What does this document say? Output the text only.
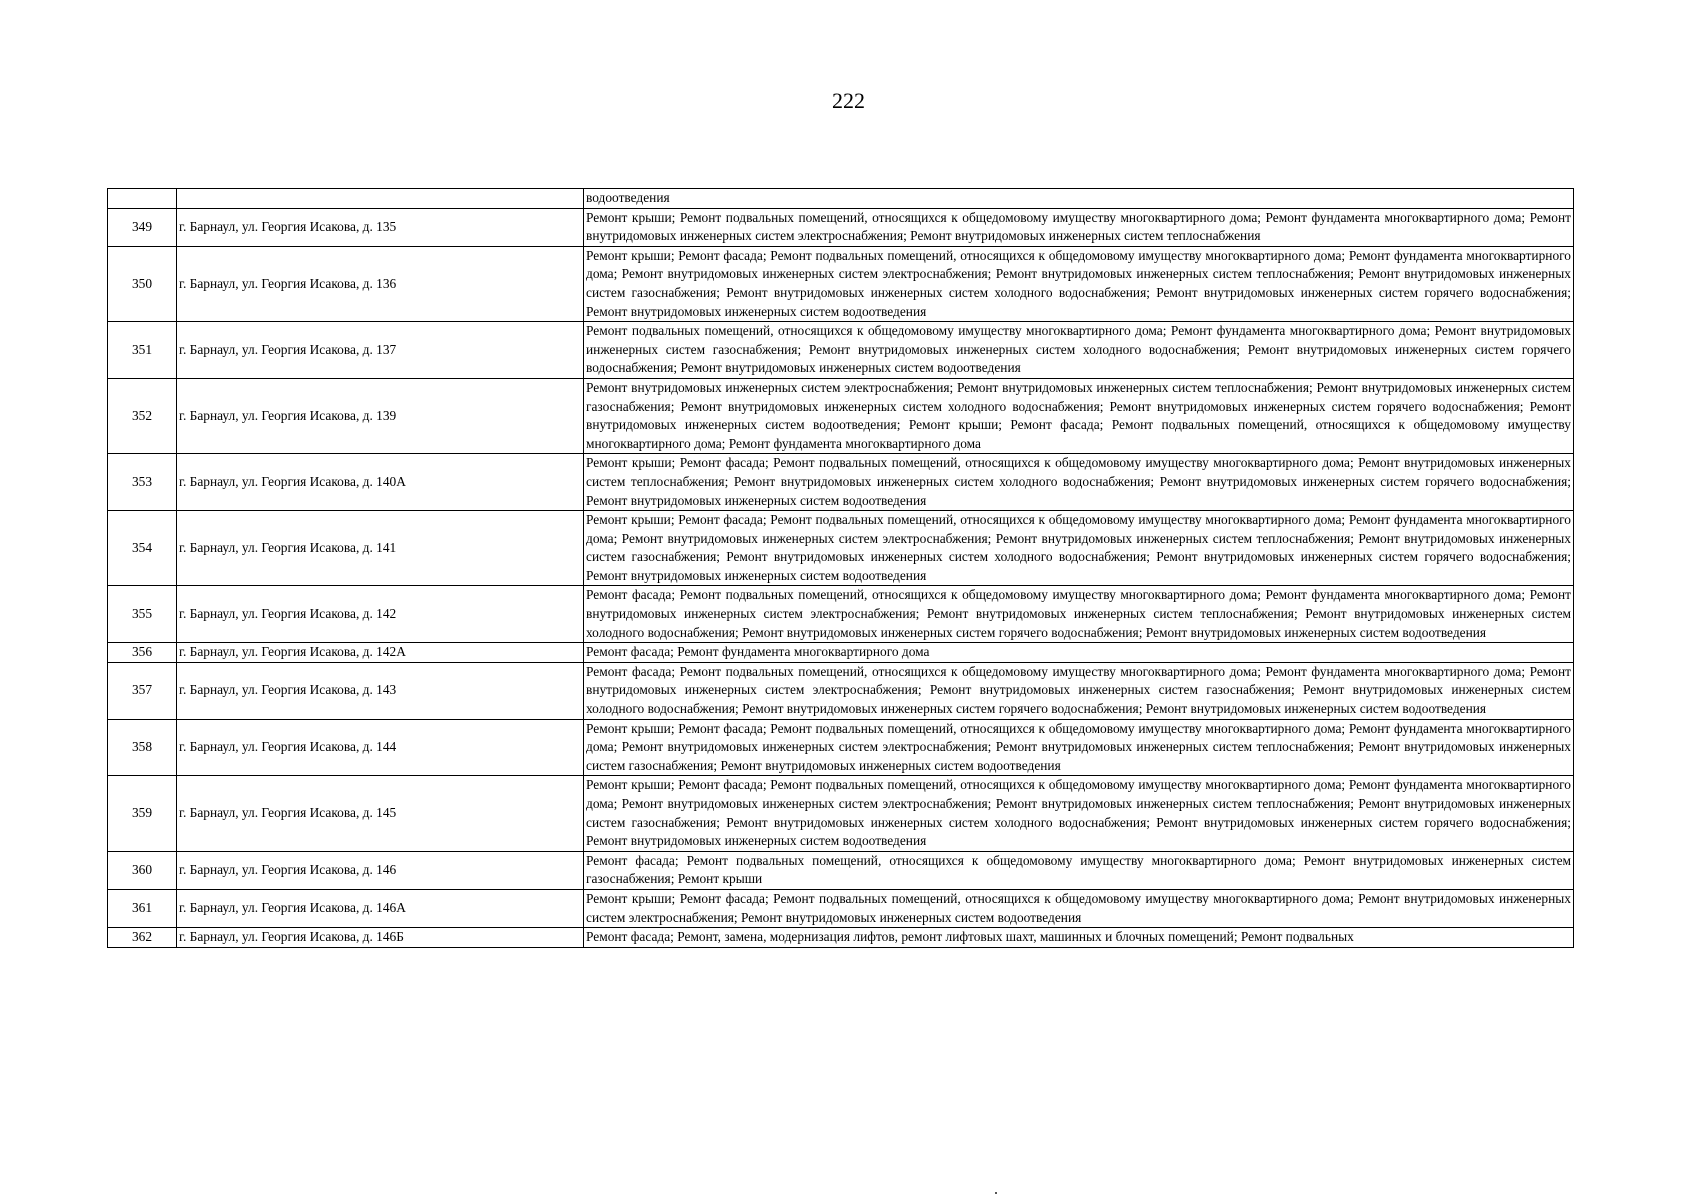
222
		водоотведения
349	г. Барнаул, ул. Георгия Исакова, д. 135	Ремонт крыши; Ремонт подвальных помещений, относящихся к общедомовому имуществу многоквартирного дома; Ремонт фундамента многоквартирного дома; Ремонт внутридомовых инженерных систем электроснабжения; Ремонт внутридомовых инженерных систем теплоснабжения
350	г. Барнаул, ул. Георгия Исакова, д. 136	Ремонт крыши; Ремонт фасада; Ремонт подвальных помещений, относящихся к общедомовому имуществу многоквартирного дома; Ремонт фундамента многоквартирного дома; Ремонт внутридомовых инженерных систем электроснабжения; Ремонт внутридомовых инженерных систем теплоснабжения; Ремонт внутридомовых инженерных систем газоснабжения; Ремонт внутридомовых инженерных систем холодного водоснабжения; Ремонт внутридомовых инженерных систем горячего водоснабжения; Ремонт внутридомовых инженерных систем водоотведения
351	г. Барнаул, ул. Георгия Исакова, д. 137	Ремонт подвальных помещений, относящихся к общедомовому имуществу многоквартирного дома; Ремонт фундамента многоквартирного дома; Ремонт внутридомовых инженерных систем газоснабжения; Ремонт внутридомовых инженерных систем холодного водоснабжения; Ремонт внутридомовых инженерных систем горячего водоснабжения; Ремонт внутридомовых инженерных систем водоотведения
352	г. Барнаул, ул. Георгия Исакова, д. 139	Ремонт внутридомовых инженерных систем электроснабжения; Ремонт внутридомовых инженерных систем теплоснабжения; Ремонт внутридомовых инженерных систем газоснабжения; Ремонт внутридомовых инженерных систем холодного водоснабжения; Ремонт внутридомовых инженерных систем горячего водоснабжения; Ремонт внутридомовых инженерных систем водоотведения; Ремонт крыши; Ремонт фасада; Ремонт подвальных помещений, относящихся к общедомовому имуществу многоквартирного дома; Ремонт фундамента многоквартирного дома
353	г. Барнаул, ул. Георгия Исакова, д. 140А	Ремонт крыши; Ремонт фасада; Ремонт подвальных помещений, относящихся к общедомовому имуществу многоквартирного дома; Ремонт внутридомовых инженерных систем теплоснабжения; Ремонт внутридомовых инженерных систем холодного водоснабжения; Ремонт внутридомовых инженерных систем горячего водоснабжения; Ремонт внутридомовых инженерных систем водоотведения
354	г. Барнаул, ул. Георгия Исакова, д. 141	Ремонт крыши; Ремонт фасада; Ремонт подвальных помещений, относящихся к общедомовому имуществу многоквартирного дома; Ремонт фундамента многоквартирного дома; Ремонт внутридомовых инженерных систем электроснабжения; Ремонт внутридомовых инженерных систем теплоснабжения; Ремонт внутридомовых инженерных систем газоснабжения; Ремонт внутридомовых инженерных систем холодного водоснабжения; Ремонт внутридомовых инженерных систем горячего водоснабжения; Ремонт внутридомовых инженерных систем водоотведения
355	г. Барнаул, ул. Георгия Исакова, д. 142	Ремонт фасада; Ремонт подвальных помещений, относящихся к общедомовому имуществу многоквартирного дома; Ремонт фундамента многоквартирного дома; Ремонт внутридомовых инженерных систем электроснабжения; Ремонт внутридомовых инженерных систем теплоснабжения; Ремонт внутридомовых инженерных систем холодного водоснабжения; Ремонт внутридомовых инженерных систем горячего водоснабжения; Ремонт внутридомовых инженерных систем водоотведения
356	г. Барнаул, ул. Георгия Исакова, д. 142А	Ремонт фасада; Ремонт фундамента многоквартирного дома
357	г. Барнаул, ул. Георгия Исакова, д. 143	Ремонт фасада; Ремонт подвальных помещений, относящихся к общедомовому имуществу многоквартирного дома; Ремонт фундамента многоквартирного дома; Ремонт внутридомовых инженерных систем электроснабжения; Ремонт внутридомовых инженерных систем газоснабжения; Ремонт внутридомовых инженерных систем холодного водоснабжения; Ремонт внутридомовых инженерных систем горячего водоснабжения; Ремонт внутридомовых инженерных систем водоотведения
358	г. Барнаул, ул. Георгия Исакова, д. 144	Ремонт крыши; Ремонт фасада; Ремонт подвальных помещений, относящихся к общедомовому имуществу многоквартирного дома; Ремонт фундамента многоквартирного дома; Ремонт внутридомовых инженерных систем электроснабжения; Ремонт внутридомовых инженерных систем теплоснабжения; Ремонт внутридомовых инженерных систем газоснабжения; Ремонт внутридомовых инженерных систем водоотведения
359	г. Барнаул, ул. Георгия Исакова, д. 145	Ремонт крыши; Ремонт фасада; Ремонт подвальных помещений, относящихся к общедомовому имуществу многоквартирного дома; Ремонт фундамента многоквартирного дома; Ремонт внутридомовых инженерных систем электроснабжения; Ремонт внутридомовых инженерных систем теплоснабжения; Ремонт внутридомовых инженерных систем газоснабжения; Ремонт внутридомовых инженерных систем холодного водоснабжения; Ремонт внутридомовых инженерных систем горячего водоснабжения; Ремонт внутридомовых инженерных систем водоотведения
360	г. Барнаул, ул. Георгия Исакова, д. 146	Ремонт фасада; Ремонт подвальных помещений, относящихся к общедомовому имуществу многоквартирного дома; Ремонт внутридомовых инженерных систем газоснабжения; Ремонт крыши
361	г. Барнаул, ул. Георгия Исакова, д. 146А	Ремонт крыши; Ремонт фасада; Ремонт подвальных помещений, относящихся к общедомовому имуществу многоквартирного дома; Ремонт внутридомовых инженерных систем электроснабжения; Ремонт внутридомовых инженерных систем водоотведения
362	г. Барнаул, ул. Георгия Исакова, д. 146Б	Ремонт фасада; Ремонт, замена, модернизация лифтов, ремонт лифтовых шахт, машинных и блочных помещений; Ремонт подвальных
